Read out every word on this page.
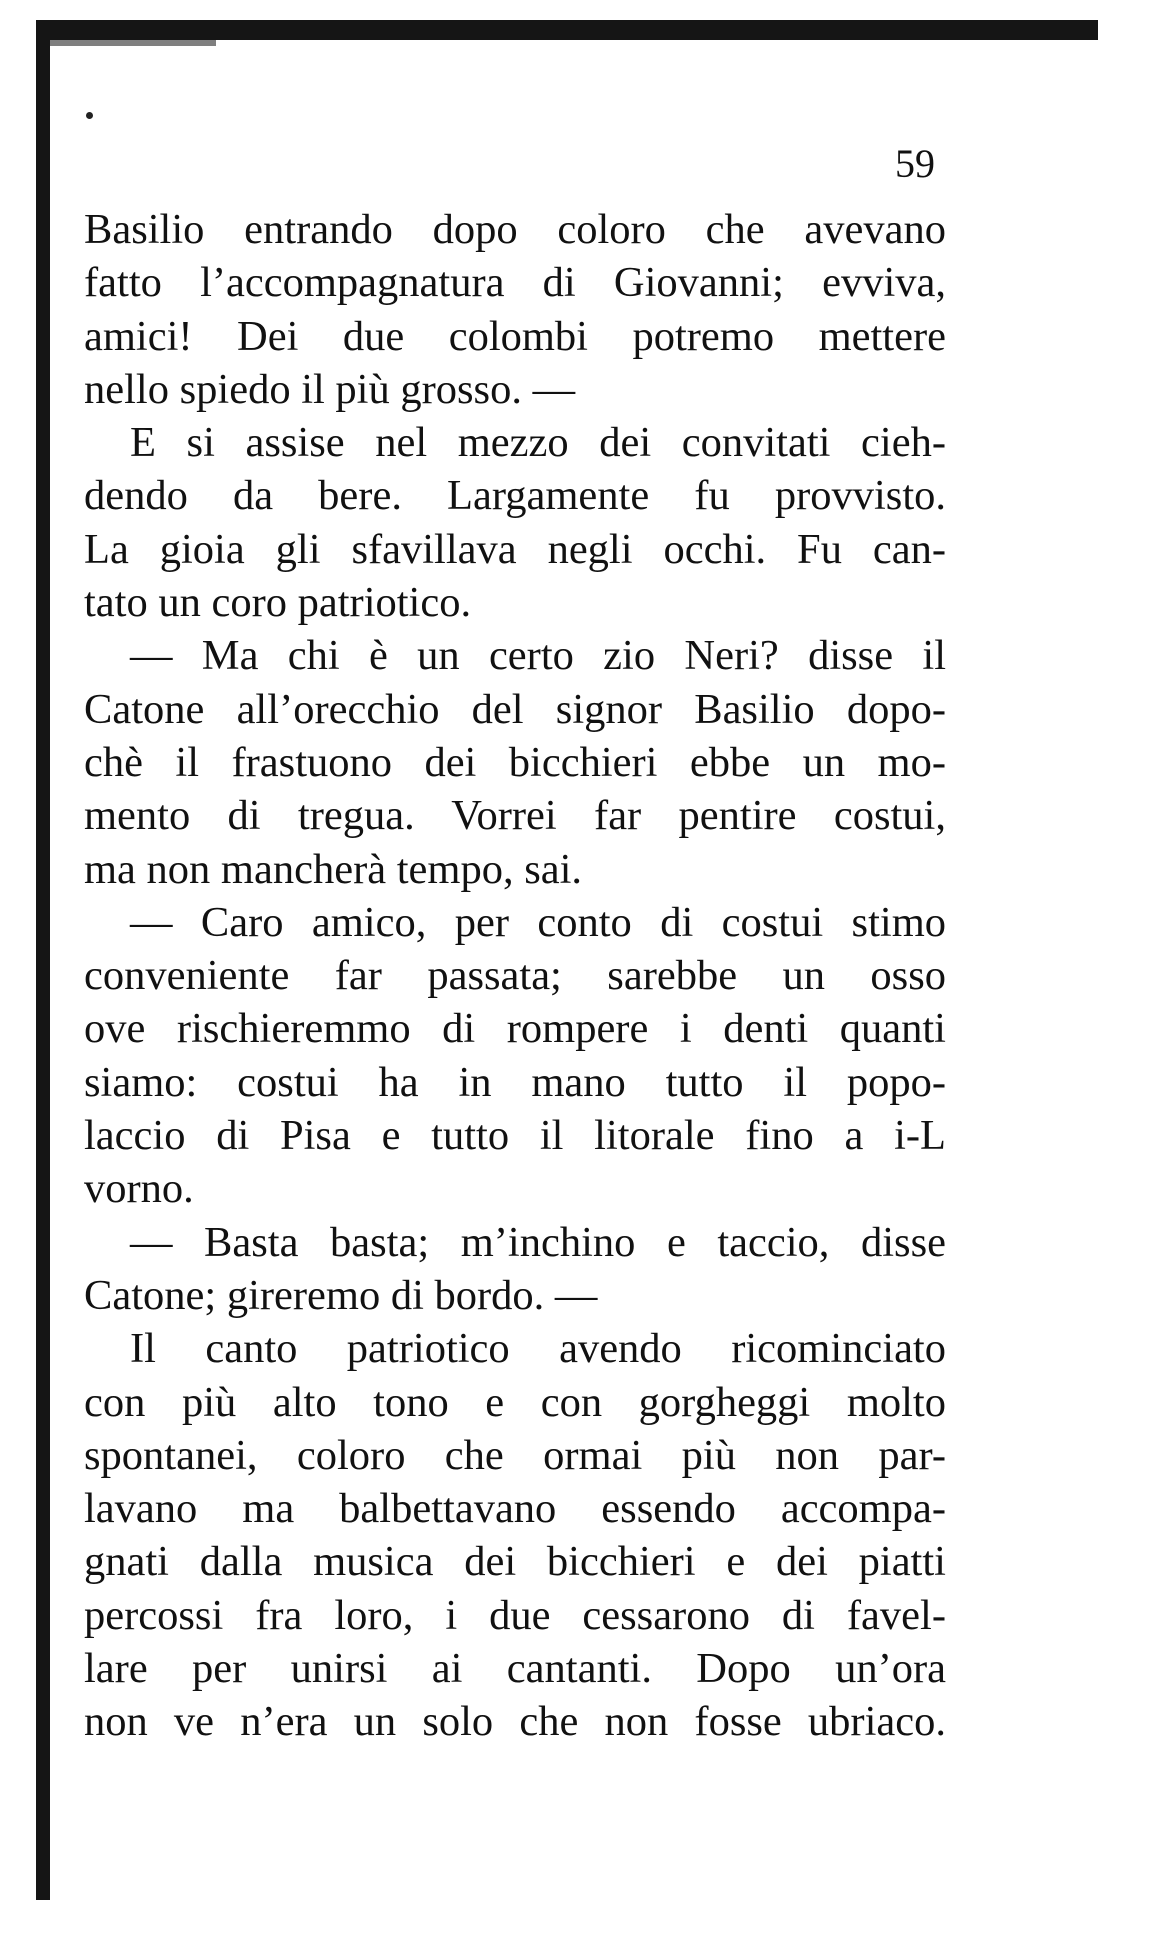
59
Basilio entrando dopo coloro che avevano
fatto l’accompagnatura di Giovanni; evviva,
amici! Dei due colombi potremo mettere
nello spiedo il più grosso. —
E si assise nel mezzo dei convitati cieh-
dendo da bere. Largamente fu provvisto.
La gioia gli sfavillava negli occhi. Fu can-
tato un coro patriotico.
— Ma chi è un certo zio Neri? disse il
Catone all’orecchio del signor Basilio dopo-
chè il frastuono dei bicchieri ebbe un mo-
mento di tregua. Vorrei far pentire costui,
ma non mancherà tempo, sai.
— Caro amico, per conto di costui stimo
conveniente far passata; sarebbe un osso
ove rischieremmo di rompere i denti quanti
siamo: costui ha in mano tutto il popo-
laccio di Pisa e tutto il litorale fino a i-L
vorno.
— Basta basta; m’inchino e taccio, disse
Catone; gireremo di bordo. —
Il canto patriotico avendo ricominciato
con più alto tono e con gorgheggi molto
spontanei, coloro che ormai più non par-
lavano ma balbettavano essendo accompa-
gnati dalla musica dei bicchieri e dei piatti
percossi fra loro, i due cessarono di favel-
lare per unirsi ai cantanti. Dopo un’ora
non ve n’era un solo che non fosse ubriaco.
